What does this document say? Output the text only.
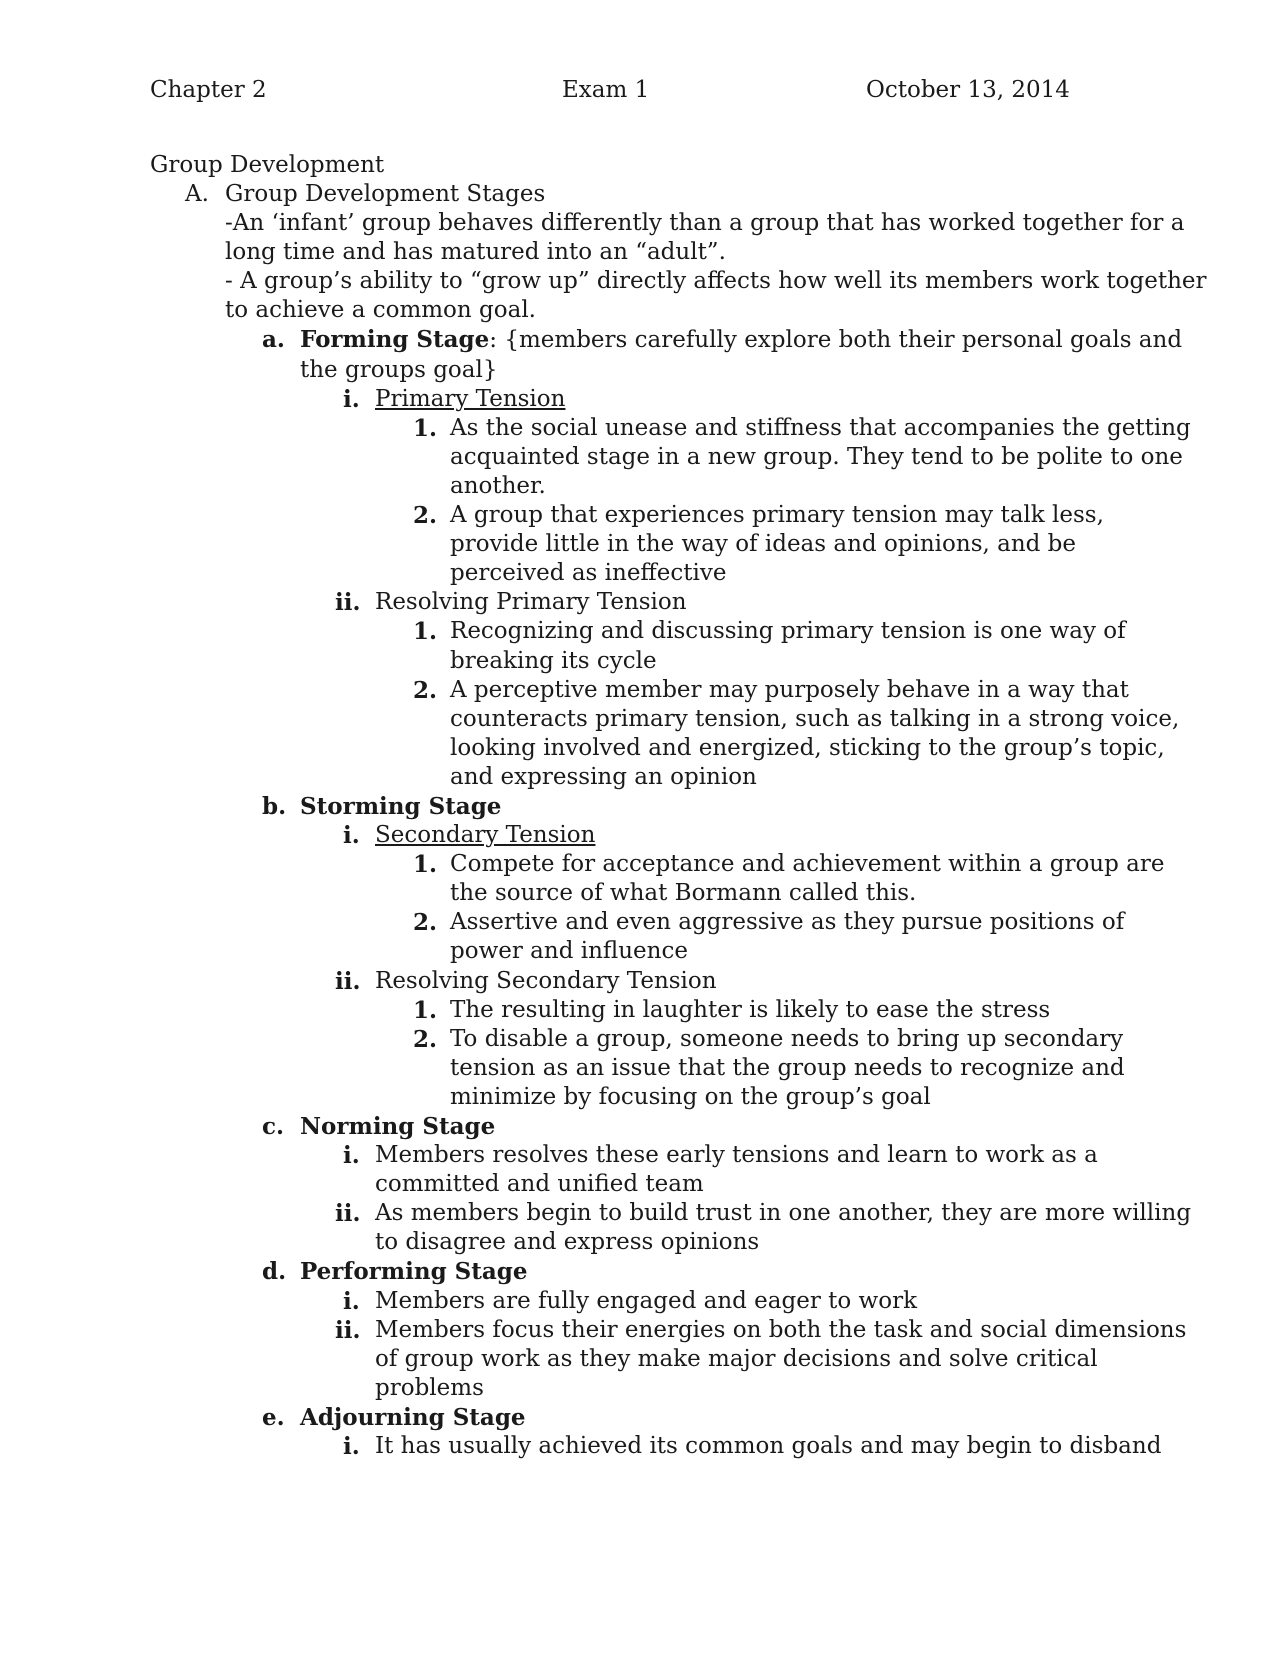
Chapter 2	Exam 1	October 13, 2014
Group Development
A. Group Development Stages
-An ‘infant’ group behaves differently than a group that has worked together for a
long time and has matured into an “adult”.
- A group’s ability to “grow up” directly affects how well its members work together
to achieve a common goal.
a. Forming Stage: {members carefully explore both their personal goals and
the groups goal}
i. Primary Tension
1. As the social unease and stiffness that accompanies the getting
acquainted stage in a new group. They tend to be polite to one
another.
2. A group that experiences primary tension may talk less,
provide little in the way of ideas and opinions, and be
perceived as ineffective
ii. Resolving Primary Tension
1. Recognizing and discussing primary tension is one way of
breaking its cycle
2. A perceptive member may purposely behave in a way that
counteracts primary tension, such as talking in a strong voice,
looking involved and energized, sticking to the group’s topic,
and expressing an opinion
b. Storming Stage
i. Secondary Tension
1. Compete for acceptance and achievement within a group are
the source of what Bormann called this.
2. Assertive and even aggressive as they pursue positions of
power and influence
ii. Resolving Secondary Tension
1. The resulting in laughter is likely to ease the stress
2. To disable a group, someone needs to bring up secondary
tension as an issue that the group needs to recognize and
minimize by focusing on the group’s goal
c. Norming Stage
i. Members resolves these early tensions and learn to work as a
committed and unified team
ii. As members begin to build trust in one another, they are more willing
to disagree and express opinions
d. Performing Stage
i. Members are fully engaged and eager to work
ii. Members focus their energies on both the task and social dimensions
of group work as they make major decisions and solve critical
problems
e. Adjourning Stage
i. It has usually achieved its common goals and may begin to disband
